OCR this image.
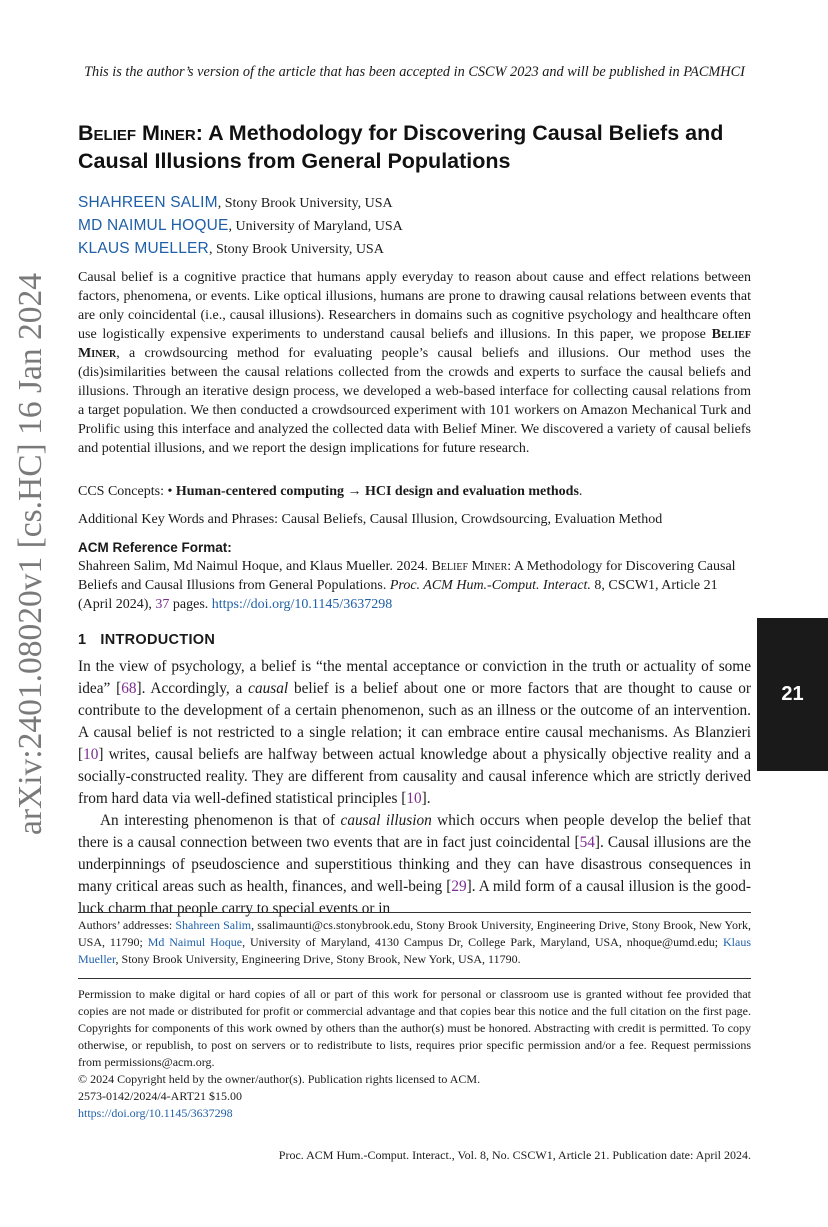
This is the author’s version of the article that has been accepted in CSCW 2023 and will be published in PACMHCI
Belief Miner: A Methodology for Discovering Causal Beliefs and Causal Illusions from General Populations
SHAHREEN SALIM, Stony Brook University, USA
MD NAIMUL HOQUE, University of Maryland, USA
KLAUS MUELLER, Stony Brook University, USA
arXiv:2401.08020v1 [cs.HC] 16 Jan 2024 Causal belief is a cognitive practice that humans apply everyday to reason about cause and effect relations between factors, phenomena, or events. Like optical illusions, humans are prone to drawing causal relations between events that are only coincidental (i.e., causal illusions). Researchers in domains such as cognitive psychology and healthcare often use logistically expensive experiments to understand causal beliefs and illusions. In this paper, we propose Belief Miner, a crowdsourcing method for evaluating people’s causal beliefs and illusions. Our method uses the (dis)similarities between the causal relations collected from the crowds and experts to surface the causal beliefs and illusions. Through an iterative design process, we developed a web-based interface for collecting causal relations from a target population. We then conducted a crowdsourced experiment with 101 workers on Amazon Mechanical Turk and Prolific using this interface and analyzed the collected data with Belief Miner. We discovered a variety of causal beliefs and potential illusions, and we report the design implications for future research.
CCS Concepts: • Human-centered computing → HCI design and evaluation methods.
Additional Key Words and Phrases: Causal Beliefs, Causal Illusion, Crowdsourcing, Evaluation Method
ACM Reference Format:
Shahreen Salim, Md Naimul Hoque, and Klaus Mueller. 2024. Belief Miner: A Methodology for Discovering Causal Beliefs and Causal Illusions from General Populations. Proc. ACM Hum.-Comput. Interact. 8, CSCW1, Article 21 (April 2024), 37 pages. https://doi.org/10.1145/3637298
1 INTRODUCTION

In the view of psychology, a belief is “the mental acceptance or conviction in the truth or actuality of some idea” [68]. Accordingly, a causal belief is a belief about one or more factors that are thought to cause or contribute to the development of a certain phenomenon, such as an illness or the outcome of an intervention. A causal belief is not restricted to a single relation; it can embrace entire causal mechanisms. As Blanzieri [10] writes, causal beliefs are halfway between actual knowledge about a physically objective reality and a socially-constructed reality. They are different from causality and causal inference which are strictly derived from hard data via well-defined statistical principles [10].

An interesting phenomenon is that of causal illusion which occurs when people develop the belief that there is a causal connection between two events that are in fact just coincidental [54]. Causal illusions are the underpinnings of pseudoscience and superstitious thinking and they can have disastrous consequences in many critical areas such as health, finances, and well-being [29]. A mild form of a causal illusion is the good-luck charm that people carry to special events or in

21
Authors’ addresses: Shahreen Salim, ssalimaunti@cs.stonybrook.edu, Stony Brook University, Engineering Drive, Stony Brook, New York, USA, 11790; Md Naimul Hoque, University of Maryland, 4130 Campus Dr, College Park, Maryland, USA, nhoque@umd.edu; Klaus Mueller, Stony Brook University, Engineering Drive, Stony Brook, New York, USA, 11790.
Permission to make digital or hard copies of all or part of this work for personal or classroom use is granted without fee provided that copies are not made or distributed for profit or commercial advantage and that copies bear this notice and the full citation on the first page. Copyrights for components of this work owned by others than the author(s) must be honored. Abstracting with credit is permitted. To copy otherwise, or republish, to post on servers or to redistribute to lists, requires prior specific permission and/or a fee. Request permissions from permissions@acm.org.
© 2024 Copyright held by the owner/author(s). Publication rights licensed to ACM.
2573-0142/2024/4-ART21 $15.00
https://doi.org/10.1145/3637298
Proc. ACM Hum.-Comput. Interact., Vol. 8, No. CSCW1, Article 21. Publication date: April 2024.
